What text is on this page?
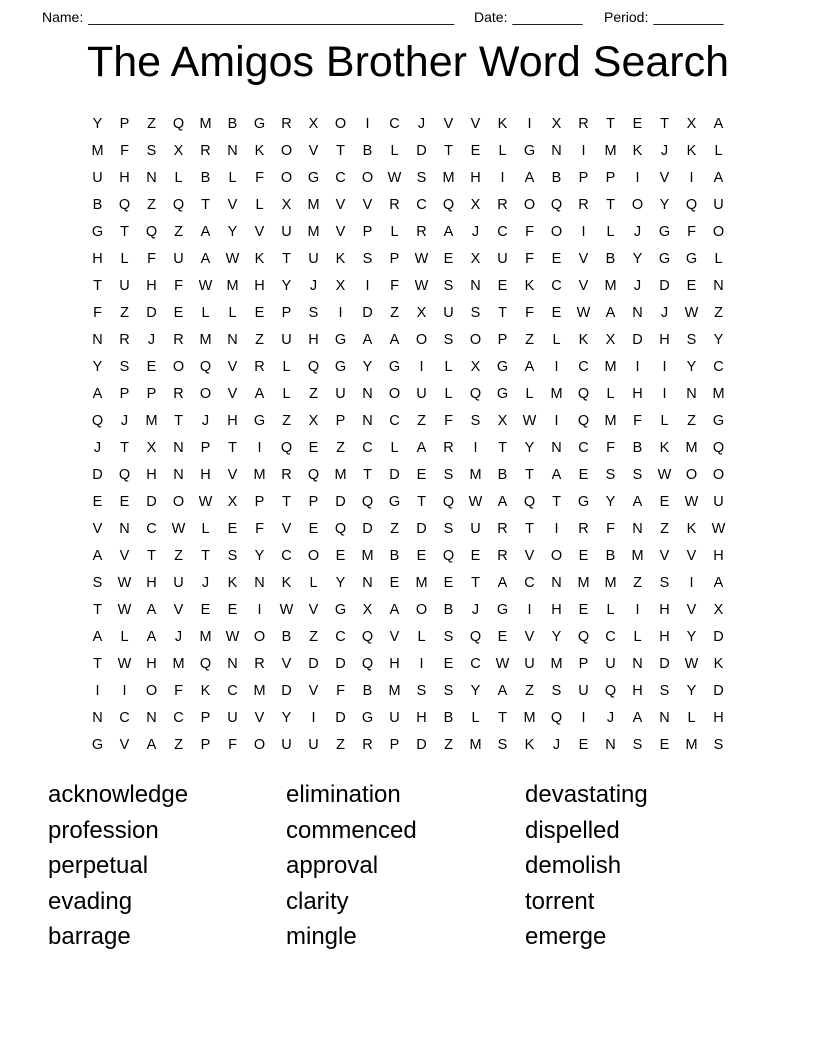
Name: _______________________________________________ Date: _________ Period: _________
The Amigos Brother Word Search
Y	P	Z	Q	M	B	G	R	X	O	I	C	J	V	V	K	I	X	R	T	E	T	X	A
M	F	S	X	R	N	K	O	V	T	B	L	D	T	E	L	G	N	I	M	K	J	K	L
U	H	N	L	B	L	F	O	G	C	O	W	S	M	H	I	A	B	P	P	I	V	I	A
B	Q	Z	Q	T	V	L	X	M	V	V	R	C	Q	X	R	O	Q	R	T	O	Y	Q	U
G	T	Q	Z	A	Y	V	U	M	V	P	L	R	A	J	C	F	O	I	L	J	G	F	O
H	L	F	U	A	W	K	T	U	K	S	P	W	E	X	U	F	E	V	B	Y	G	G	L
T	U	H	F	W M	H	Y	J	X	I	F	W	S	N	E	K	C	V	M	J	D	E	N
F	Z	D	E	L	L	E	P	S	I	D	Z	X	U	S	T	F	E	W	A	N	J	W	Z
N	R	J	R	M	N	Z	U	H	G	A	A	O	S	O	P	Z	L	K	X	D	H	S	Y
Y	S	E	O	Q	V	R	L	Q	G	Y	G	I	L	X	G	A	I	C	M	I	I	Y	C
A	P	P	R	O	V	A	L	Z	U	N	O	U	L	Q	G	L	M	Q	L	H	I	N	M
Q	J	M	T	J	H	G	Z	X	P	N	C	Z	F	S	X	W	I	Q	M	F	L	Z	G
J	T	X	N	P	T	I	Q	E	Z	C	L	A	R	I	T	Y	N	C	F	B	K	M	Q
D	Q	H	N	H	V	M	R	Q	M	T	D	E	S	M	B	T	A	E	S	S	W	O	O
E	E	D	O	W	X	P	T	P	D	Q	G	T	Q	W	A	Q	T	G	Y	A	E	W	U
V	N	C	W	L	E	F	V	E	Q	D	Z	D	S	U	R	T	I	R	F	N	Z	K	W
A	V	T	Z	T	S	Y	C	O	E	M	B	E	Q	E	R	V	O	E	B	M	V	V	H
S	W	H	U	J	K	N	K	L	Y	N	E	M	E	T	A	C	N	M	M	Z	S	I	A
T	W	A	V	E	E	I	W	V	G	X	A	O	B	J	G	I	H	E	L	I	H	V	X
A	L	A	J	M W	O	B	Z	C	Q	V	L	S	Q	E	V	Y	Q	C	L	H	Y	D
T	W	H	M	Q	N	R	V	D	D	Q	H	I	E	C	W	U	M	P	U	N	D	W	K
I	I	O	F	K	C	M	D	V	F	B	M	S	S	Y	A	Z	S	U	Q	H	S	Y	D
N	C	N	C	P	U	V	Y	I	D	G	U	H	B	L	T	M	Q	I	J	A	N	L	H
G	V	A	Z	P	F	O	U	U	Z	R	P	D	Z	M	S	K	J	E	N	S	E	M	S
acknowledge
profession
perpetual
evading
barrage
elimination
commenced
approval
clarity
mingle
devastating
dispelled
demolish
torrent
emerge
